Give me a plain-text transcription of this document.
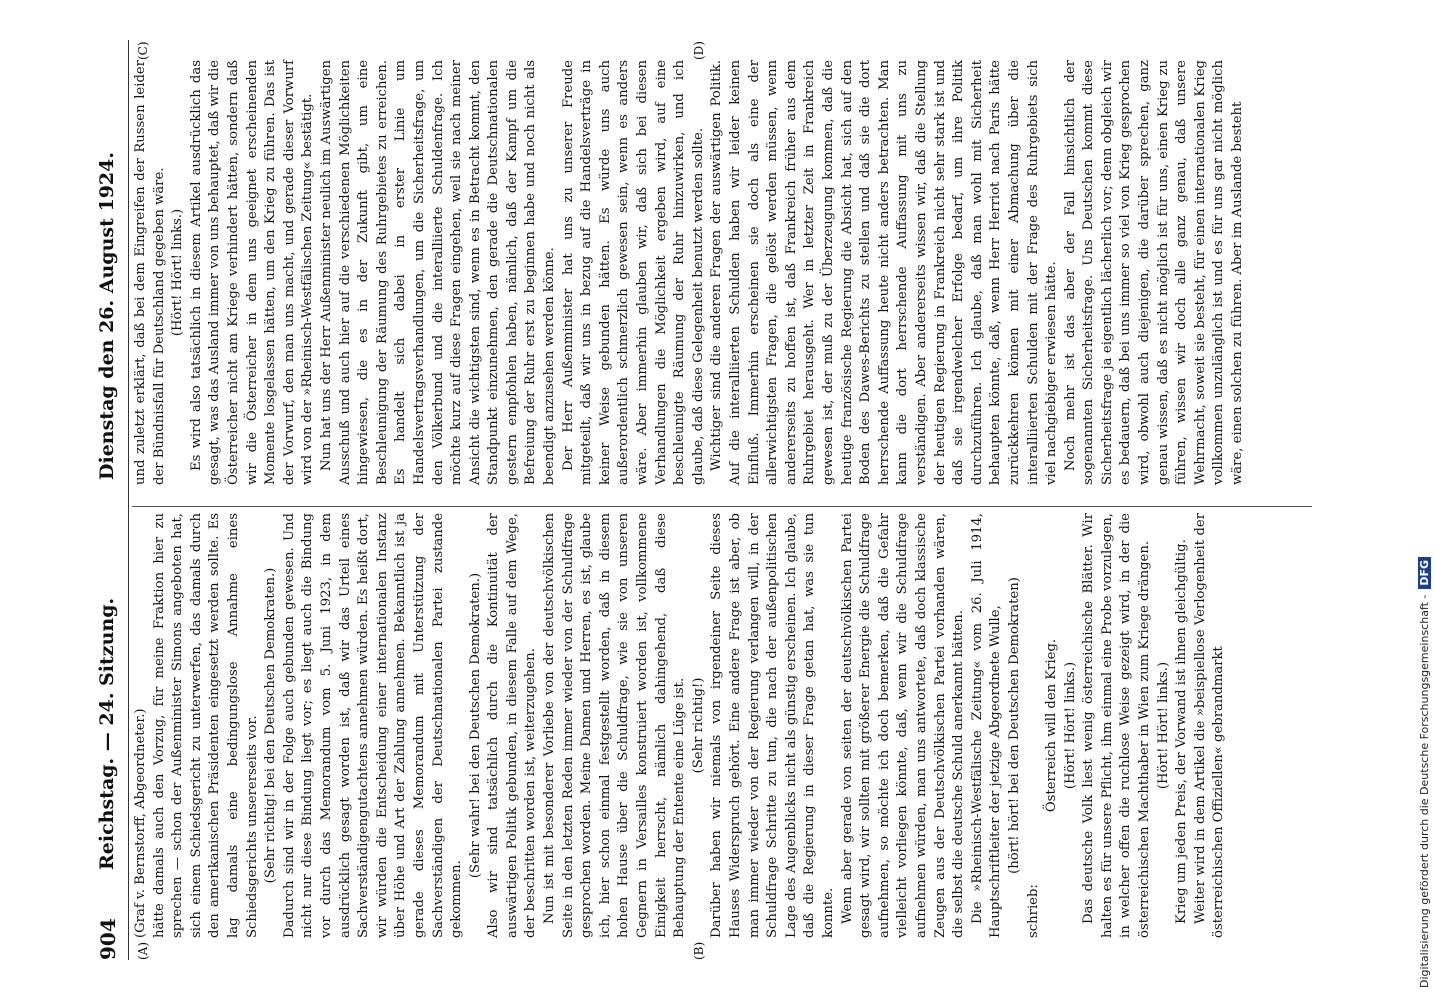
904
Reichstag. — 24. Sitzung.
Dienstag den 26. August 1924.
(A)	(B)
(C)	(D)

(Graf v. Bernstorff, Abgeordneter.) hätte damals auch den Vorzug, für meine Fraktion hier zu sprechen — schon der Außenminister Simons angeboten hat, sich einem Schiedsgericht zu unterwerfen, das damals durch den amerikanischen Präsidenten eingesetzt werden sollte. Es lag damals eine bedingungslose Annahme eines Schiedsgerichts unsererseits vor. (Sehr richtig! bei den Deutschen Demokraten.) Dadurch sind wir in der Folge auch gebunden gewesen. Und nicht nur diese Bindung liegt vor; es liegt auch die Bindung vor durch das Memorandum vom 5. Juni 1923, in dem ausdrücklich gesagt worden ist, daß wir das Urteil eines Sachverständigengutachtens annehmen würden. Es heißt dort, wir würden die Entscheidung einer internationalen Instanz über Höhe und Art der Zahlung annehmen. Bekanntlich ist ja gerade dieses Memorandum mit Unterstützung der Sachverständigen der Deutschnationalen Partei zustande gekommen.

(Sehr wahr! bei den Deutschen Demokraten.) Also wir sind tatsächlich durch die Kontinuität der auswärtigen Politik gebunden, in diesem Falle auf dem Wege, der beschritten worden ist, weiterzugehen. Nun ist mit besonderer Vorliebe von der deutschvölkischen Seite in den letzten Reden immer wieder von der Schuldfrage gesprochen worden. Meine Damen und Herren, es ist, glaube ich, hier schon einmal festgestellt worden, daß in diesem hohen Hause über die Schuldfrage, wie sie von unseren Gegnern in Versailles konstruiert worden ist, vollkommene Einigkeit herrscht, nämlich dahingehend, daß diese Behauptung der Entente eine Lüge ist. (Sehr richtig!) Darüber haben wir niemals von irgendeiner Seite dieses Hauses Widerspruch gehört. Eine andere Frage ist aber, ob man immer wieder von der Regierung verlangen will, in der Schuldfrage Schritte zu tun, die nach der außenpolitischen Lage des Augenblicks nicht als günstig erscheinen. Ich glaube, daß die Regierung in dieser Frage getan hat, was sie tun konnte. Wenn aber gerade von seiten der deutschvölkischen Partei gesagt wird, wir sollten mit größerer Energie die Schuldfrage aufnehmen, so möchte ich doch bemerken, daß die Gefahr vielleicht vorliegen könnte, daß, wenn wir die Schuldfrage aufnehmen würden, man uns antwortete, daß doch klassische Zeugen aus der Deutschvölkischen Partei vorhanden wären, die selbst die deutsche Schuld anerkannt hätten. Die »Rheinisch-Westfälische Zeitung« vom 26. Juli 1914, Hauptschriftleiter der jetzige Abgeordnete Wulle, (hört! hört! bei den Deutschen Demokraten)

schrieb:

Österreich will den Krieg. (Hört! Hört! links.) Das deutsche Volk liest wenig österreichische Blätter. Wir halten es für unsere Pflicht, ihm einmal eine Probe vorzulegen, in welcher offen die ruchlose Weise gezeigt wird, in der die österreichischen Machthaber in Wien zum Kriege drängen. (Hört! Hört! links.) Krieg um jeden Preis, der Vorwand ist ihnen gleichgültig. Weiter wird in dem Artikel die »beispiellose Verlogenheit der österreichischen Offiziellen« gebrandmarkt

und zuletzt erklärt, daß bei dem Eingreifen der Russen leider der Bündnisfall für Deutschland gegeben wäre. (Hört! Hört! links.) Es wird also tatsächlich in diesem Artikel ausdrücklich das gesagt, was das Ausland immer von uns behauptet, daß wir die Österreicher nicht am Kriege verhindert hätten, sondern daß wir die Österreicher in dem uns geeignet erscheinenden Momente losgelassen hätten, um den Krieg zu führen. Das ist der Vorwurf, den man uns macht, und gerade dieser Vorwurf wird von der »Rheinisch-Westfälischen Zeitung« bestätigt. Nun hat uns der Herr Außenminister neulich im Auswärtigen Ausschuß und auch hier auf die verschiedenen Möglichkeiten hingewiesen, die es in der Zukunft gibt, um eine Beschleunigung der Räumung des Ruhrgebietes zu erreichen. Es handelt sich dabei in erster Linie um Handelsvertragsverhandlungen, um die Sicherheitsfrage, um den Völkerbund und die interalliierte Schuldenfrage. Ich möchte kurz auf diese Fragen eingehen, weil sie nach meiner Ansicht die wichtigsten sind, wenn es in Betracht kommt, den Standpunkt einzunehmen, den gerade die Deutschnationalen gestern empfohlen haben, nämlich, daß der Kampf um die Befreiung der Ruhr erst zu beginnen habe und noch nicht als beendigt anzusehen werden könne. Der Herr Außenminister hat uns zu unserer Freude mitgeteilt, daß wir uns in bezug auf die Handelsverträge in keiner Weise gebunden hätten. Es würde uns auch außerordentlich schmerzlich gewesen sein, wenn es anders wäre. Aber immerhin glauben wir, daß sich bei diesen Verhandlungen die Möglichkeit ergeben wird, auf eine beschleunigte Räumung der Ruhr hinzuwirken, und ich glaube, daß diese Gelegenheit benutzt werden sollte. Wichtiger sind die anderen Fragen der auswärtigen Politik. Auf die interalliierten Schulden haben wir leider keinen Einfluß. Immerhin erscheinen sie doch als eine der allerwichtigsten Fragen, die gelöst werden müssen, wenn andererseits zu hoffen ist, daß Frankreich früher aus dem Ruhrgebiet herausgeht. Wer in letzter Zeit in Frankreich gewesen ist, der muß zu der Überzeugung kommen, daß die heutige französische Regierung die Absicht hat, sich auf den Boden des Dawes-Berichts zu stellen und daß sie die dort herrschende Auffassung heute nicht anders betrachten. Man kann die dort herrschende Auffassung mit uns zu verständigen. Aber andererseits wissen wir, daß die Stellung der heutigen Regierung in Frankreich nicht sehr stark ist und daß sie irgendwelcher Erfolge bedarf, um ihre Politik durchzuführen. Ich glaube, daß man wohl mit Sicherheit behaupten könnte, daß, wenn Herr Herriot nach Paris hätte zurückkehren können mit einer Abmachung über die interalliierten Schulden mit der Frage des Ruhrgebiets sich viel nachgiebiger erwiesen hätte. Noch mehr ist das aber der Fall hinsichtlich der sogenannten Sicherheitsfrage. Uns Deutschen kommt diese Sicherheitsfrage ja eigentlich lächerlich vor; denn obgleich wir es bedauern, daß bei uns immer so viel von Krieg gesprochen wird, obwohl auch diejenigen, die darüber sprechen, ganz genau wissen, daß es nicht möglich ist für uns, einen Krieg zu führen, wissen wir doch alle ganz genau, daß unsere Wehrmacht, soweit sie besteht, für einen internationalen Krieg vollkommen unzulänglich ist und es für uns gar nicht möglich wäre, einen solchen zu führen. Aber im Auslande besteht

Digitalisierung gefördert durch die Deutsche Forschungsgemeinschaft -DFG
